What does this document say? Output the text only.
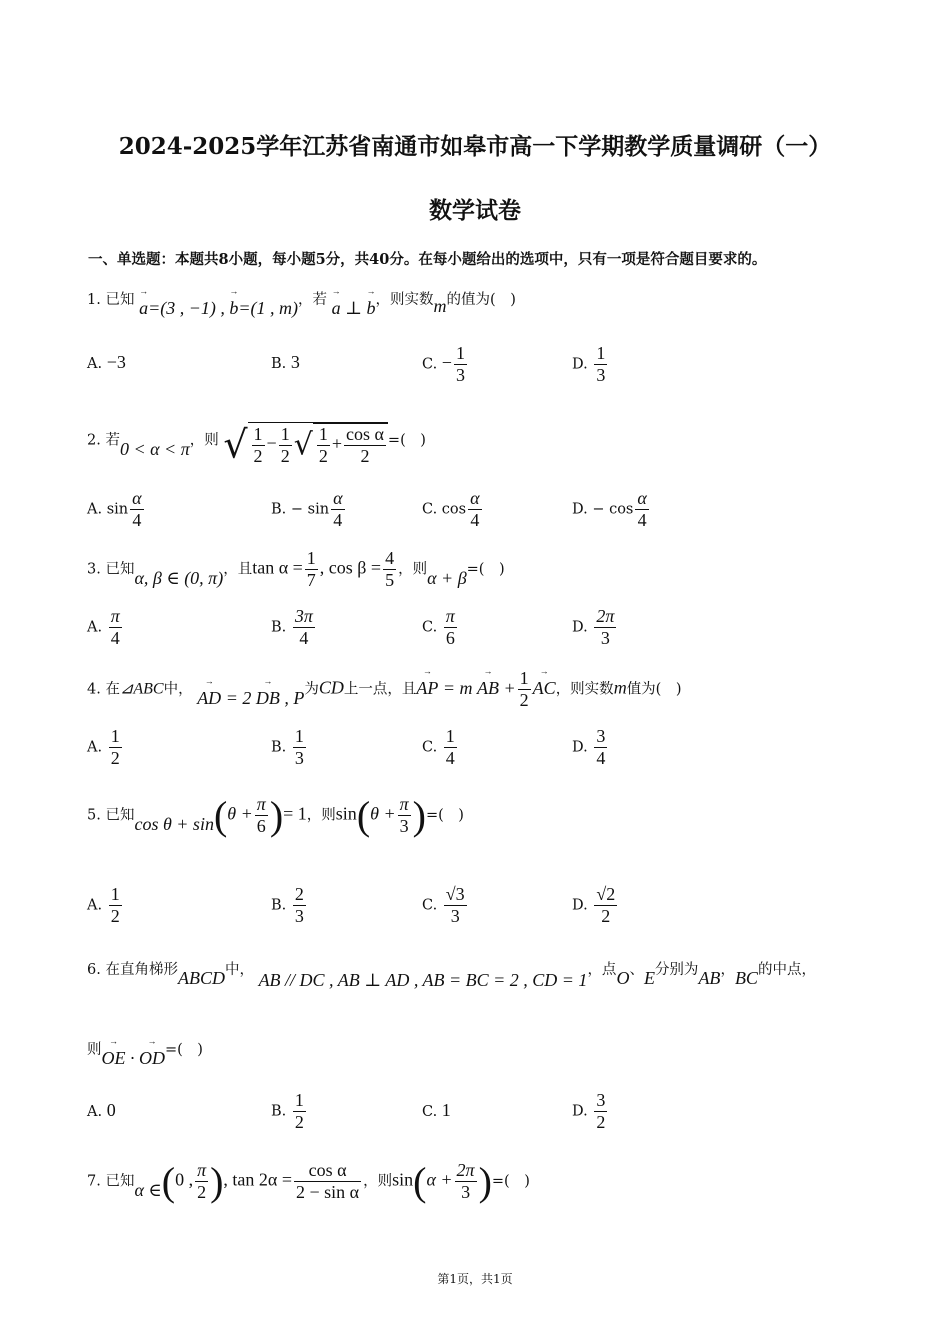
2024-2025学年江苏省南通市如皋市高一下学期教学质量调研（一）
数学试卷
一、单选题：本题共8小题，每小题5分，共40分。在每小题给出的选项中，只有一项是符合题目要求的。
1. 已知 → a=(3 , −1) , → b=(1 , m)，若 → a ⊥ → b，则实数m的值为(　)
A. −3	B. 3	C. − $\frac{1}{3}$	D. $\frac{1}{3}$
2. 若0 < α < π，则 √ $\frac{1}{2} - \frac{1}{2}$ √ $\frac{1}{2} + \frac{\text{cos α}}{2}$ =(　)
A. $\sin \frac{\alpha}{4}$	B. − $\sin \frac{\alpha}{4}$	C. $\cos \frac{\alpha}{4}$	D. − $\cos \frac{\alpha}{4}$
3. 已知α, β ∈ (0, π)，且$\tan \alpha = \frac{1}{7}$ , $\cos \beta = \frac{4}{5}$ ，则α + β=(　)
A. $\frac{\pi}{4}$	B. $\frac{3\pi}{4}$	C. $\frac{\pi}{6}$	D. $\frac{2\pi}{3}$
4. 在⊿ABC中， → AD = 2 → DB , P为CD上一点，且→ AP = m → AB + $\frac{1}{2}$ → AC，则实数m值为(　)
A. $\frac{1}{2}$	B. $\frac{1}{3}$	C. $\frac{1}{4}$	D. $\frac{3}{4}$
5. 已知$\cos \theta + \sin(\theta + \frac{\pi}{6}$ )= 1，则$\sin(\theta + \frac{\pi}{3}$ )=(　)
A. $\frac{1}{2}$	B. $\frac{2}{3}$	C. $\frac{√3}{3}$	D. $\frac{√2}{2}$
6. 在直角梯形ABCD中， AB // DC , AB ⊥ AD , AB = BC = 2 , CD = 1，点O、E分别为AB，BC的中点，
则→ OE · → OD=(　)
A. 0	B. $\frac{1}{2}$	C. 1	D. $\frac{3}{2}$
7. 已知α ∈(0 , $\frac{\pi}{2}$ ), $\tan 2\alpha = \frac{\text{cos α}}{\text{2 − sin α}}$ ，则$\sin(\alpha + \frac{2\pi}{3}$ )=(　)
第1页，共1页
